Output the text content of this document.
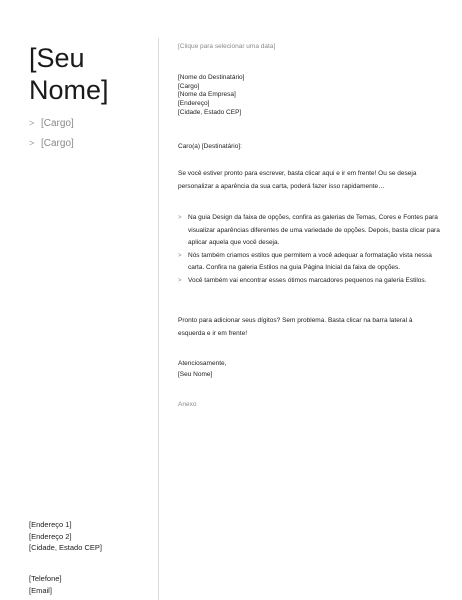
[Seu
Nome]
> [Cargo]
> [Cargo]
[Endereço 1]
[Endereço 2]
[Cidade, Estado CEP]
[Telefone]
[Email]
[Clique para selecionar uma data]
[Nome do Destinatário]
[Cargo]
[Nome da Empresa]
[Endereço]
[Cidade, Estado CEP]
Caro(a) [Destinatário]:
Se você estiver pronto para escrever, basta clicar aqui e ir em frente! Ou se deseja personalizar a aparência da sua carta, poderá fazer isso rapidamente…
> Na guia Design da faixa de opções, confira as galerias de Temas, Cores e Fontes para visualizar aparências diferentes de uma variedade de opções. Depois, basta clicar para aplicar aquela que você deseja.
> Nós também criamos estilos que permitem a você adequar a formatação vista nessa carta. Confira na galeria Estilos na guia Página Inicial da faixa de opções.
> Você também vai encontrar esses ótimos marcadores pequenos na galeria Estilos.
Pronto para adicionar seus dígitos? Sem problema. Basta clicar na barra lateral à esquerda e ir em frente!
Atenciosamente,
[Seu Nome]
Anexo
